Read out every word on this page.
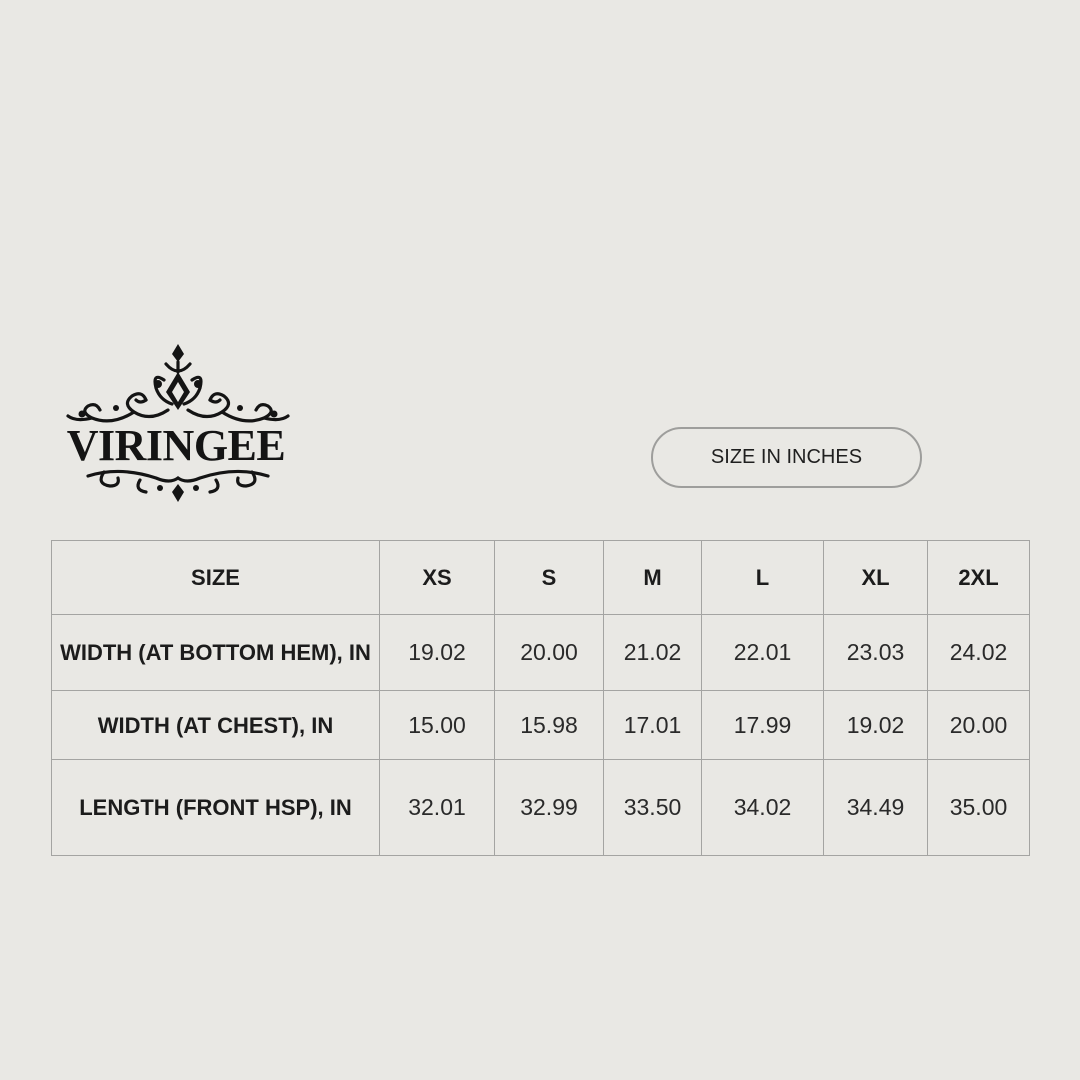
VIRINGEE	SIZE IN INCHES
SIZE	XS	S	M	L	XL	2XL
WIDTH (AT BOTTOM HEM), IN	19.02	20.00	21.02	22.01	23.03	24.02
WIDTH (AT CHEST), IN	15.00	15.98	17.01	17.99	19.02	20.00
LENGTH (FRONT HSP), IN	32.01	32.99	33.50	34.02	34.49	35.00
